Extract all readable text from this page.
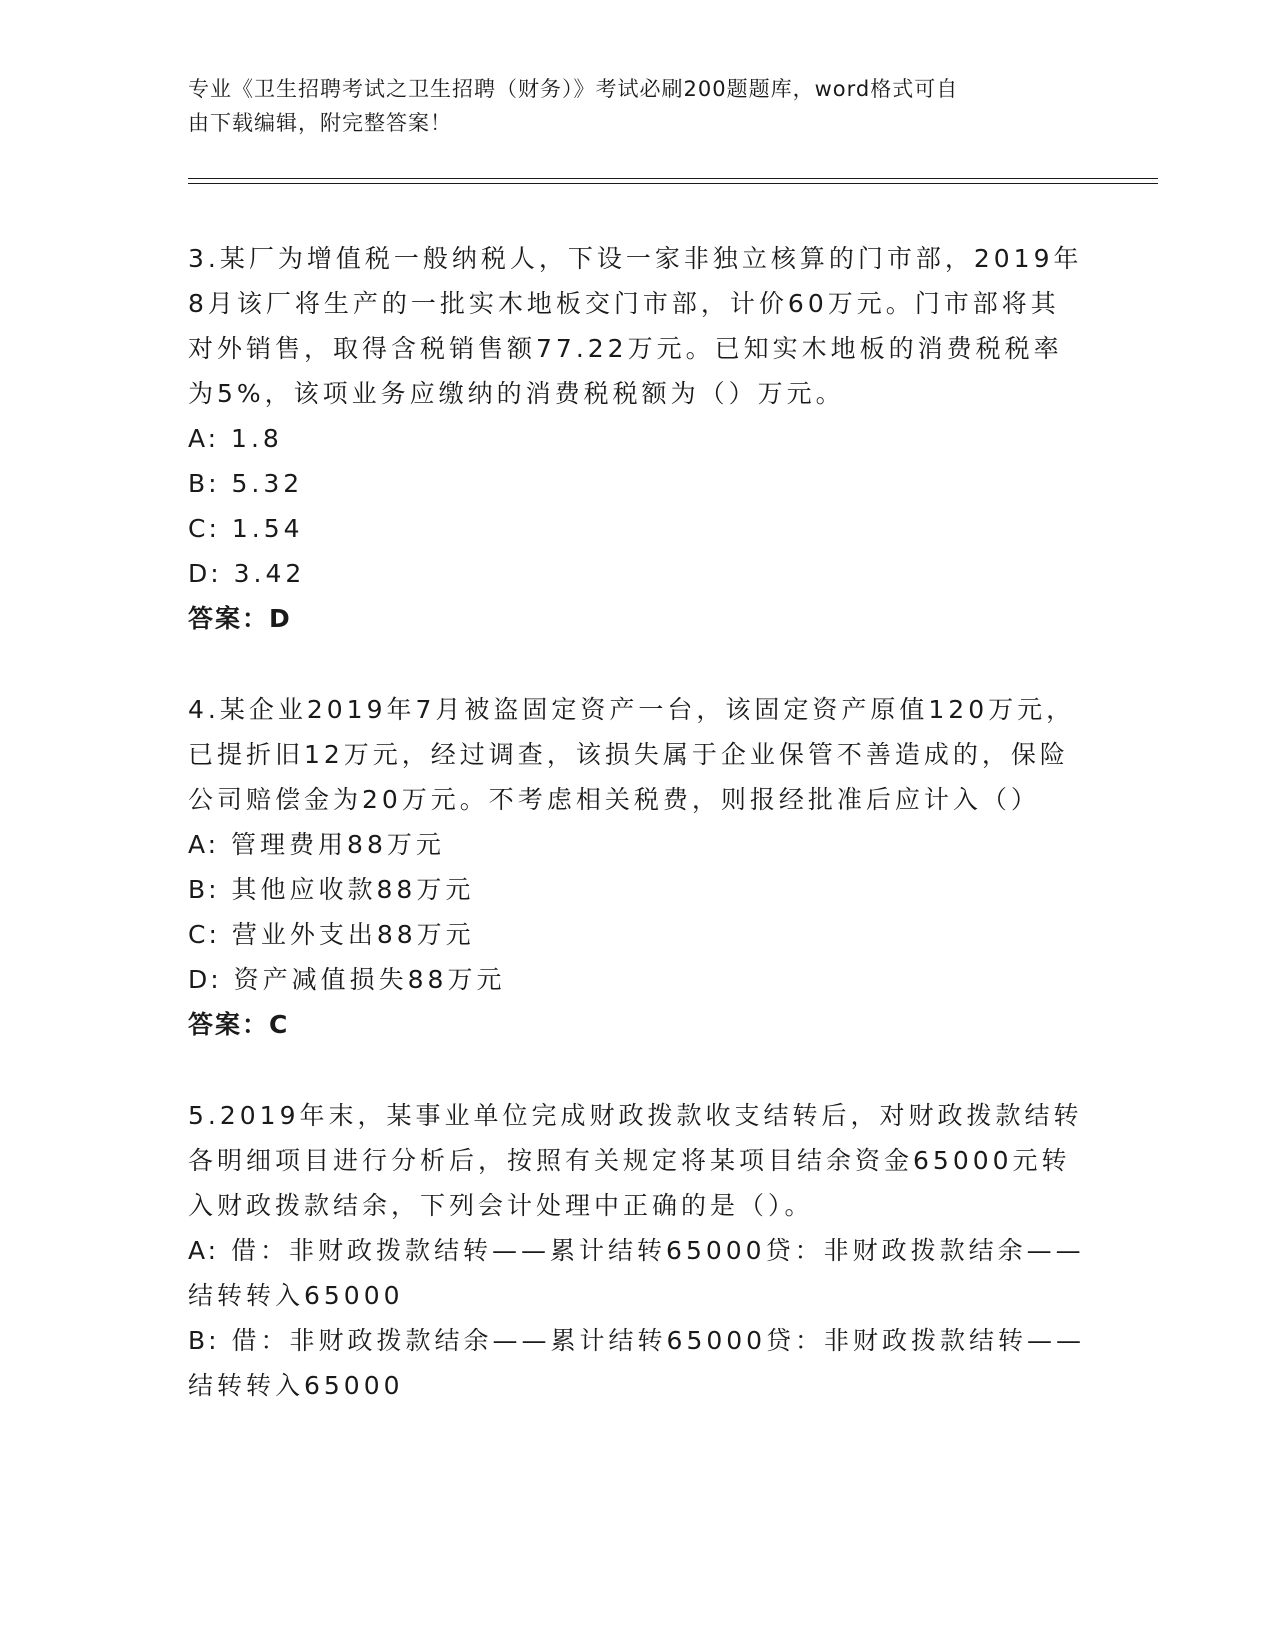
专业《卫生招聘考试之卫生招聘（财务）》考试必刷200题题库，word格式可自
由下载编辑，附完整答案！

3.某厂为增值税一般纳税人，下设一家非独立核算的门市部，2019年

8月该厂将生产的一批实木地板交门市部，计价60万元。门市部将其

对外销售，取得含税销售额77.22万元。已知实木地板的消费税税率

为5%，该项业务应缴纳的消费税税额为（）万元。

A: 1.8

B: 5.32

C: 1.54

D: 3.42

答案：D

4.某企业2019年7月被盗固定资产一台，该固定资产原值120万元，

已提折旧12万元，经过调查，该损失属于企业保管不善造成的，保险

公司赔偿金为20万元。不考虑相关税费，则报经批准后应计入（）

A: 管理费用88万元

B: 其他应收款88万元

C: 营业外支出88万元

D: 资产减值损失88万元

答案：C

5.2019年末，某事业单位完成财政拨款收支结转后，对财政拨款结转

各明细项目进行分析后，按照有关规定将某项目结余资金65000元转

入财政拨款结余，下列会计处理中正确的是（）。

A: 借：非财政拨款结转——累计结转65000贷：非财政拨款结余——

结转转入65000

B: 借：非财政拨款结余——累计结转65000贷：非财政拨款结转——

结转转入65000
